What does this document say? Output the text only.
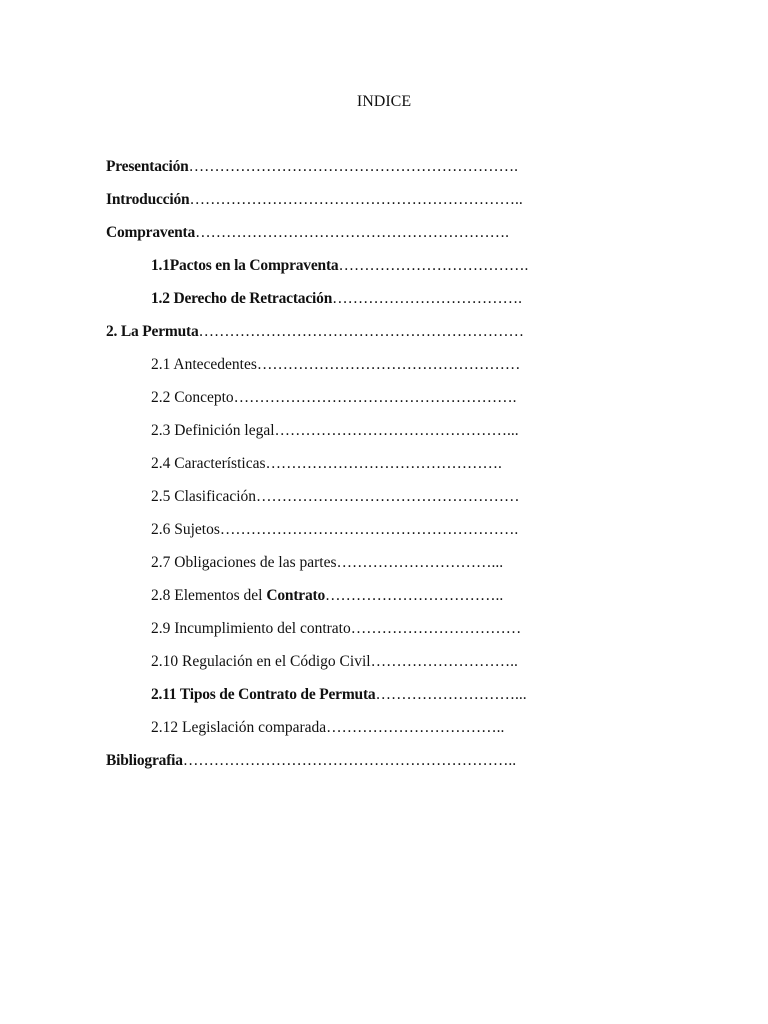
INDICE
Presentación……………………………………………………….
Introducción………………………………………………………..
Compraventa…………………………………………………….
1.1Pactos en la Compraventa……………………………….
1.2 Derecho de Retractación……………………………….
2. La Permuta………………………………………………………
2.1 Antecedentes……………………………………………
2.2 Concepto……………………………………………….
2.3 Definición legal………………………………………...
2.4 Características……………………………………….
2.5 Clasificación……………………………………………
2.6 Sujetos………………………………………………….
2.7 Obligaciones de las partes…………………………...
2.8 Elementos del Contrato……………………………..
2.9 Incumplimiento del contrato……………………………
2.10 Regulación en el Código Civil………………………..
2.11 Tipos de Contrato de Permuta………………………...
2.12 Legislación comparada……………………………..
Bibliografia………………………………………………………..
